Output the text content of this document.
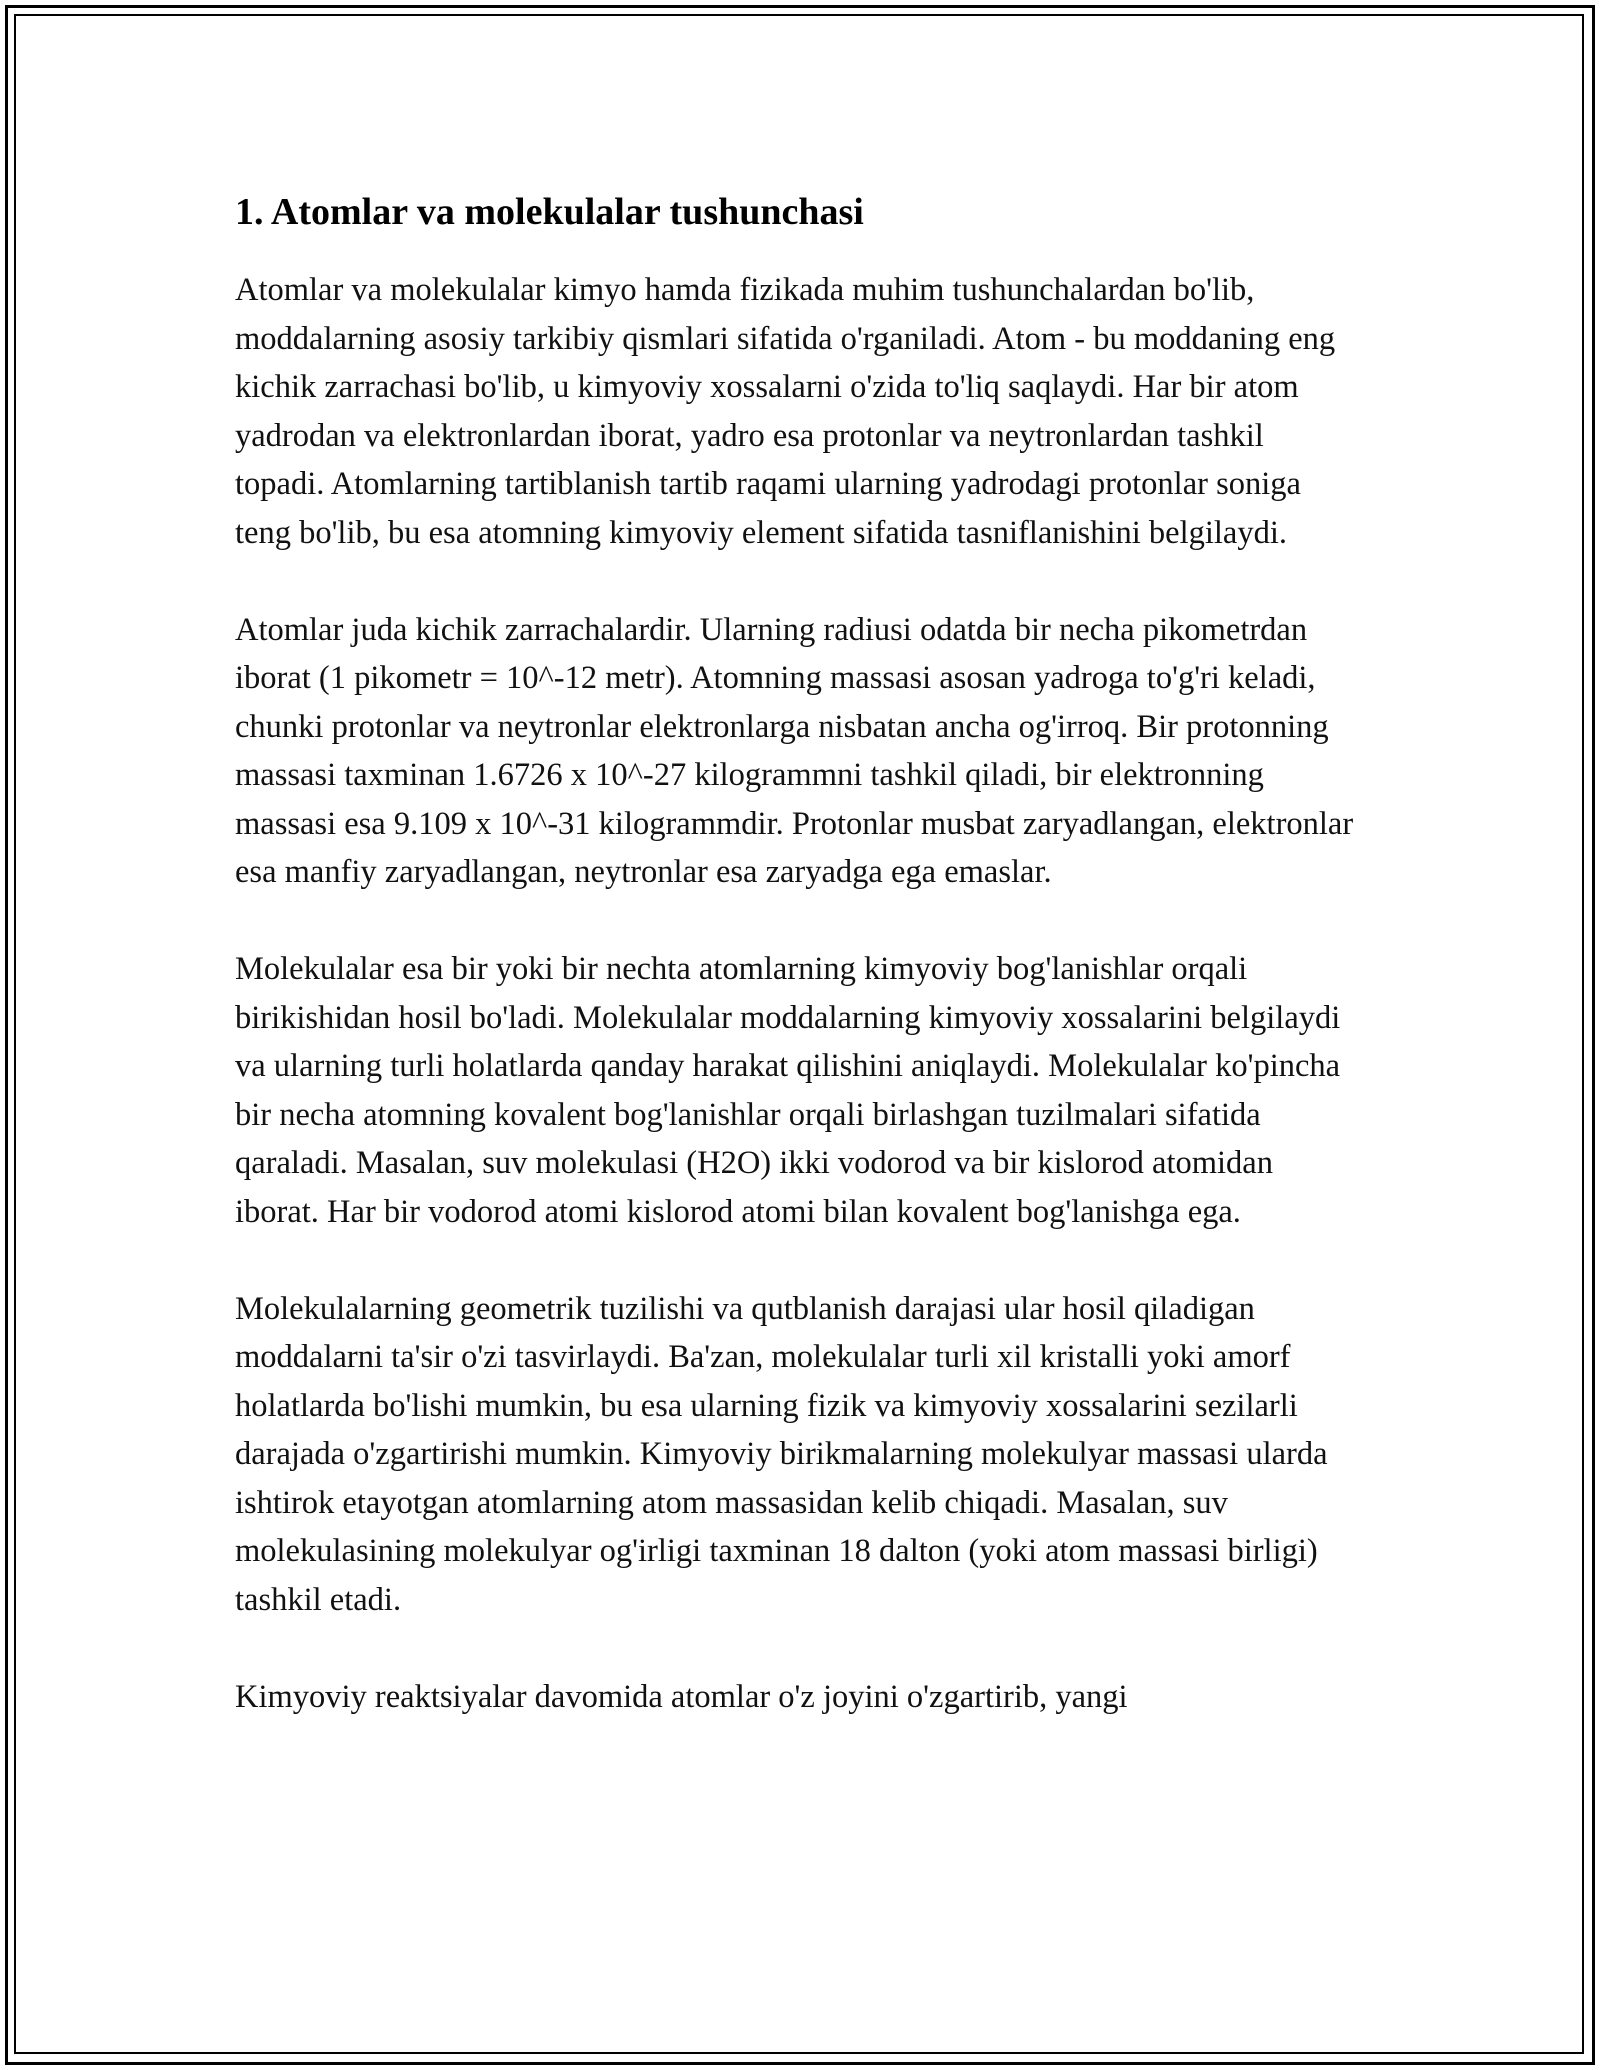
1. Atomlar va molekulalar tushunchasi

Atomlar va molekulalar kimyo hamda fizikada muhim tushunchalardan bo'lib, moddalarning asosiy tarkibiy qismlari sifatida o'rganiladi. Atom - bu moddaning eng kichik zarrachasi bo'lib, u kimyoviy xossalarni o'zida to'liq saqlaydi. Har bir atom yadrodan va elektronlardan iborat, yadro esa protonlar va neytronlardan tashkil topadi. Atomlarning tartiblanish tartib raqami ularning yadrodagi protonlar soniga teng bo'lib, bu esa atomning kimyoviy element sifatida tasniflanishini belgilaydi.

Atomlar juda kichik zarrachalardir. Ularning radiusi odatda bir necha pikometrdan iborat (1 pikometr = 10^-12 metr). Atomning massasi asosan yadroga to'g'ri keladi, chunki protonlar va neytronlar elektronlarga nisbatan ancha og'irroq. Bir protonning massasi taxminan 1.6726 x 10^-27 kilogrammni tashkil qiladi, bir elektronning massasi esa 9.109 x 10^-31 kilogrammdir. Protonlar musbat zaryadlangan, elektronlar esa manfiy zaryadlangan, neytronlar esa zaryadga ega emaslar.

Molekulalar esa bir yoki bir nechta atomlarning kimyoviy bog'lanishlar orqali birikishidan hosil bo'ladi. Molekulalar moddalarning kimyoviy xossalarini belgilaydi va ularning turli holatlarda qanday harakat qilishini aniqlaydi. Molekulalar ko'pincha bir necha atomning kovalent bog'lanishlar orqali birlashgan tuzilmalari sifatida qaraladi. Masalan, suv molekulasi (H2O) ikki vodorod va bir kislorod atomidan iborat. Har bir vodorod atomi kislorod atomi bilan kovalent bog'lanishga ega.

Molekulalarning geometrik tuzilishi va qutblanish darajasi ular hosil qiladigan moddalarni ta'sir o'zi tasvirlaydi. Ba'zan, molekulalar turli xil kristalli yoki amorf holatlarda bo'lishi mumkin, bu esa ularning fizik va kimyoviy xossalarini sezilarli darajada o'zgartirishi mumkin. Kimyoviy birikmalarning molekulyar massasi ularda ishtirok etayotgan atomlarning atom massasidan kelib chiqadi. Masalan, suv molekulasining molekulyar og'irligi taxminan 18 dalton (yoki atom massasi birligi) tashkil etadi.

Kimyoviy reaktsiyalar davomida atomlar o'z joyini o'zgartirib, yangi
